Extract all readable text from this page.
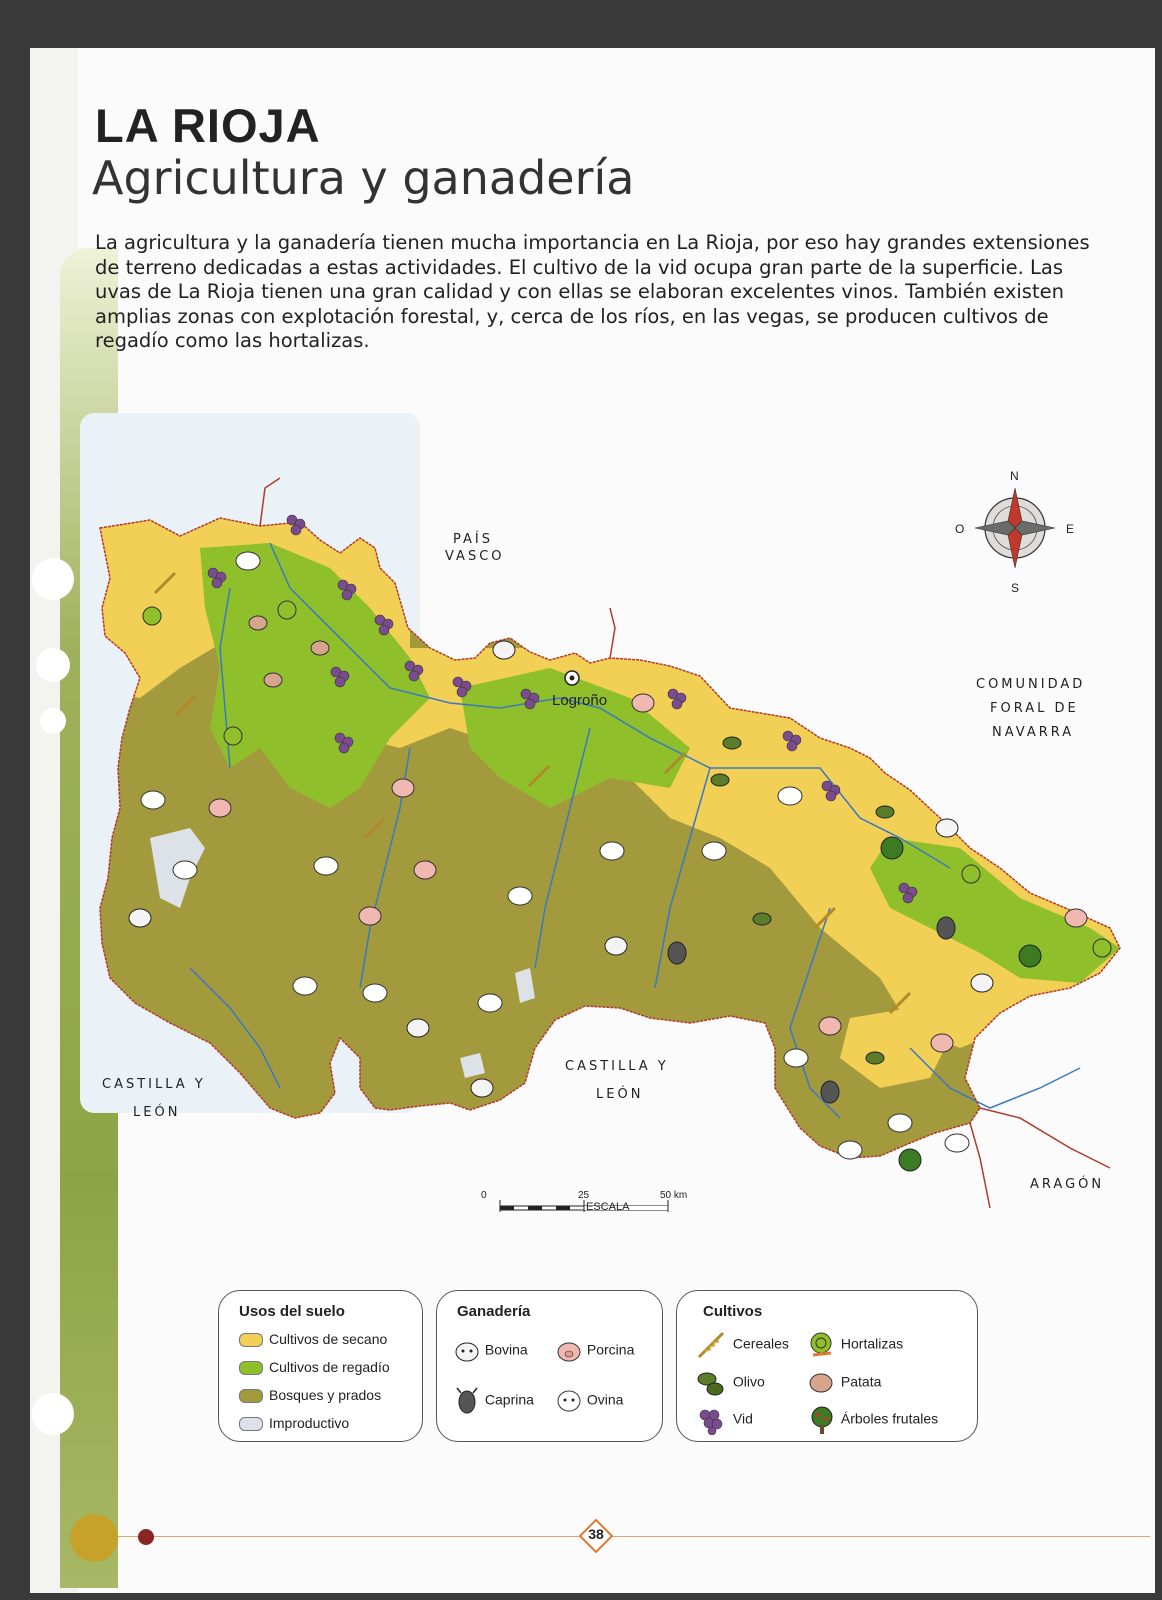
LA RIOJA
Agricultura y ganadería
La agricultura y la ganadería tienen mucha importancia en La Rioja, por eso hay grandes extensiones de terreno dedicadas a estas actividades. El cultivo de la vid ocupa gran parte de la superficie. Las uvas de La Rioja tienen una gran calidad y con ellas se elaboran excelentes vinos. También existen amplias zonas con explotación forestal, y, cerca de los ríos, en las vegas, se producen cultivos de regadío como las hortalizas.
Logroño
PAÍS
VASCO
COMUNIDAD
FORAL DE
NAVARRA
CASTILLA Y
LEÓN
CASTILLA Y
LEÓN
ARAGÓN
N
S
E
O
ESCALA
0	25	50 km
Usos del suelo
Cultivos de secano
Cultivos de regadío
Bosques y prados
Improductivo
Ganadería
Bovina	Porcina
Caprina	Ovina
Cultivos
Cereales	Hortalizas
Olivo	Patata
Vid	Árboles frutales
38
